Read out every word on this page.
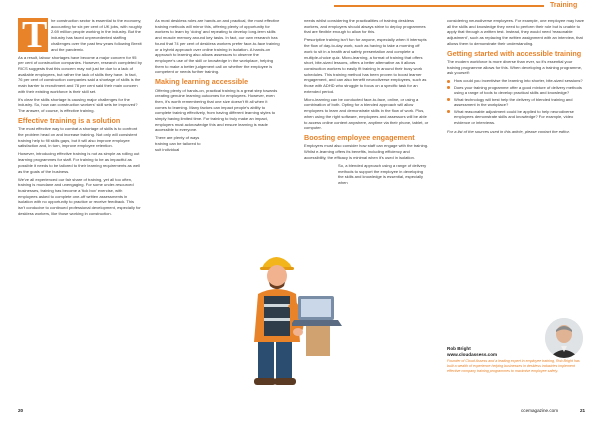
Training
T he construction sector is essential to the economy, accounting for six per cent of UK jobs, with roughly 2.69 million people working in the industry. But the industry has faced unprecedented staffing challenges over the past few years following Brexit and the pandemic.

As a result, labour shortages have become a major concern for 95 per cent of construction companies. However, research completed by RICS suggests that this concern may not just be due to a lack of available employees, but rather the lack of skills they have. In fact, 76 per cent of construction companies said a shortage of skills is the main barrier to recruitment and 78 per cent said their main concern with their existing workforce is their skill set.

It's clear the skills shortage is causing major challenges for the industry. So, how can construction workers' skill sets be improved? The answer, of course, is effective training.

Effective training is a solution

The most effective way to combat a shortage of skills is to confront the problem head on and increase training. Not only will consistent training help to fill skills gaps, but it will also improve employee satisfaction and, in turn, improve employee retention.

However, introducing effective training is not as simple as rolling out learning programmes for staff. For training to be as impactful as possible it needs to be tailored to their learning requirements as well as the goals of the business.

We've all experienced our fair share of training, yet all too often, training is mundane and unengaging. For some under-resourced businesses, training has become a 'tick box' exercise, with employees asked to complete one-off written assessments in isolation with no opportunity to practice or receive feedback. This isn't conducive to continued professional development, especially for deskless workers, like those working in construction.

As most deskless roles are hands-on and practical, the most effective training methods will mirror this, offering plenty of opportunity for workers to learn by 'doing' and repeating to develop long-term skills and muscle memory around key tasks. In fact, our own research has found that 74 per cent of deskless workers prefer face-to-face training or a hybrid approach over online training in isolation. A hands-on approach to learning also allows assessors to observe the employee's use of the skill or knowledge in the workplace, helping them to make a better judgement call on whether the employee is competent or needs further training.

Making learning accessible

Offering plenty of hands-on, practical training is a great step towards creating genuine learning outcomes for employees. However, even then, it's worth remembering that one size doesn't fit all when it comes to learning. Many factors can impact people's ability to complete training effectively, from having different learning styles to simply having limited time. For training to truly make an impact, employers must acknowledge this and ensure learning is made accessible to everyone.

There are plenty of ways training can be tailored to suit individual

needs whilst considering the practicalities of training deskless workers, and employers should always strive to deploy programmes that are flexible enough to allow for this.

Prescriptive training isn't fun for anyone, especially when it interrupts the flow of day-to-day work, such as having to take a morning off work to sit in a health and safety presentation and complete a multiple-choice quiz. Micro-learning, a format of training that offers short, bite-sized lessons, offers a better alternative as it allows construction workers to easily fit training in around their busy work schedules. This training method has been proven to boost learner engagement, and can also benefit neurodiverse employees, such as those with ADHD who struggle to focus on a specific task for an extended period.

Micro-learning can be conducted face-to-face, online, or using a combination of both. Opting for a blended approach will allow employees to learn and demonstrate skills in the flow of work. Plus, when using the right software, employees and assessors will be able to access online content anywhere, anytime via their phone, tablet, or computer.

Boosting employee engagement

Employers must also consider how staff can engage with the training. Whilst e-learning offers its benefits, including efficiency and accessibility, the efficacy is minimal when it's used in isolation.

So, a blended approach using a range of delivery methods to support the employee in developing the skills and knowledge is essential, especially when

considering neurodiverse employees. For example, one employee may have all the skills and knowledge they need to perform their role but is unable to apply that through a written test. Instead, they would need 'reasonable adjustment', such as replacing the written assignment with an interview, that allows them to demonstrate their understanding.

Getting started with accessible training

The modern workforce is more diverse than ever, so it's essential your training programme allows for this. When developing a training programme, ask yourself:

How could you incentivise the learning into shorter, bite-sized sessions?
Does your training programme offer a good mixture of delivery methods using a range of tools to develop practical skills and knowledge?
What technology will best help the delivery of blended training and assessment in the workplace?
What reasonable adjustment could be applied to help neurodiverse employees demonstrate skills and knowledge? For example, video evidence or interviews.

For a list of the sources used in this article, please contact the editor.

Rob Bright
www.cloudassess.com
Founder of Cloud Assess and a leading expert in employee training, Rob Bright has built a wealth of experience helping businesses in deskless industries implement effective company training programmes to maximise employee safety.
20	ccemagazine.com	21
